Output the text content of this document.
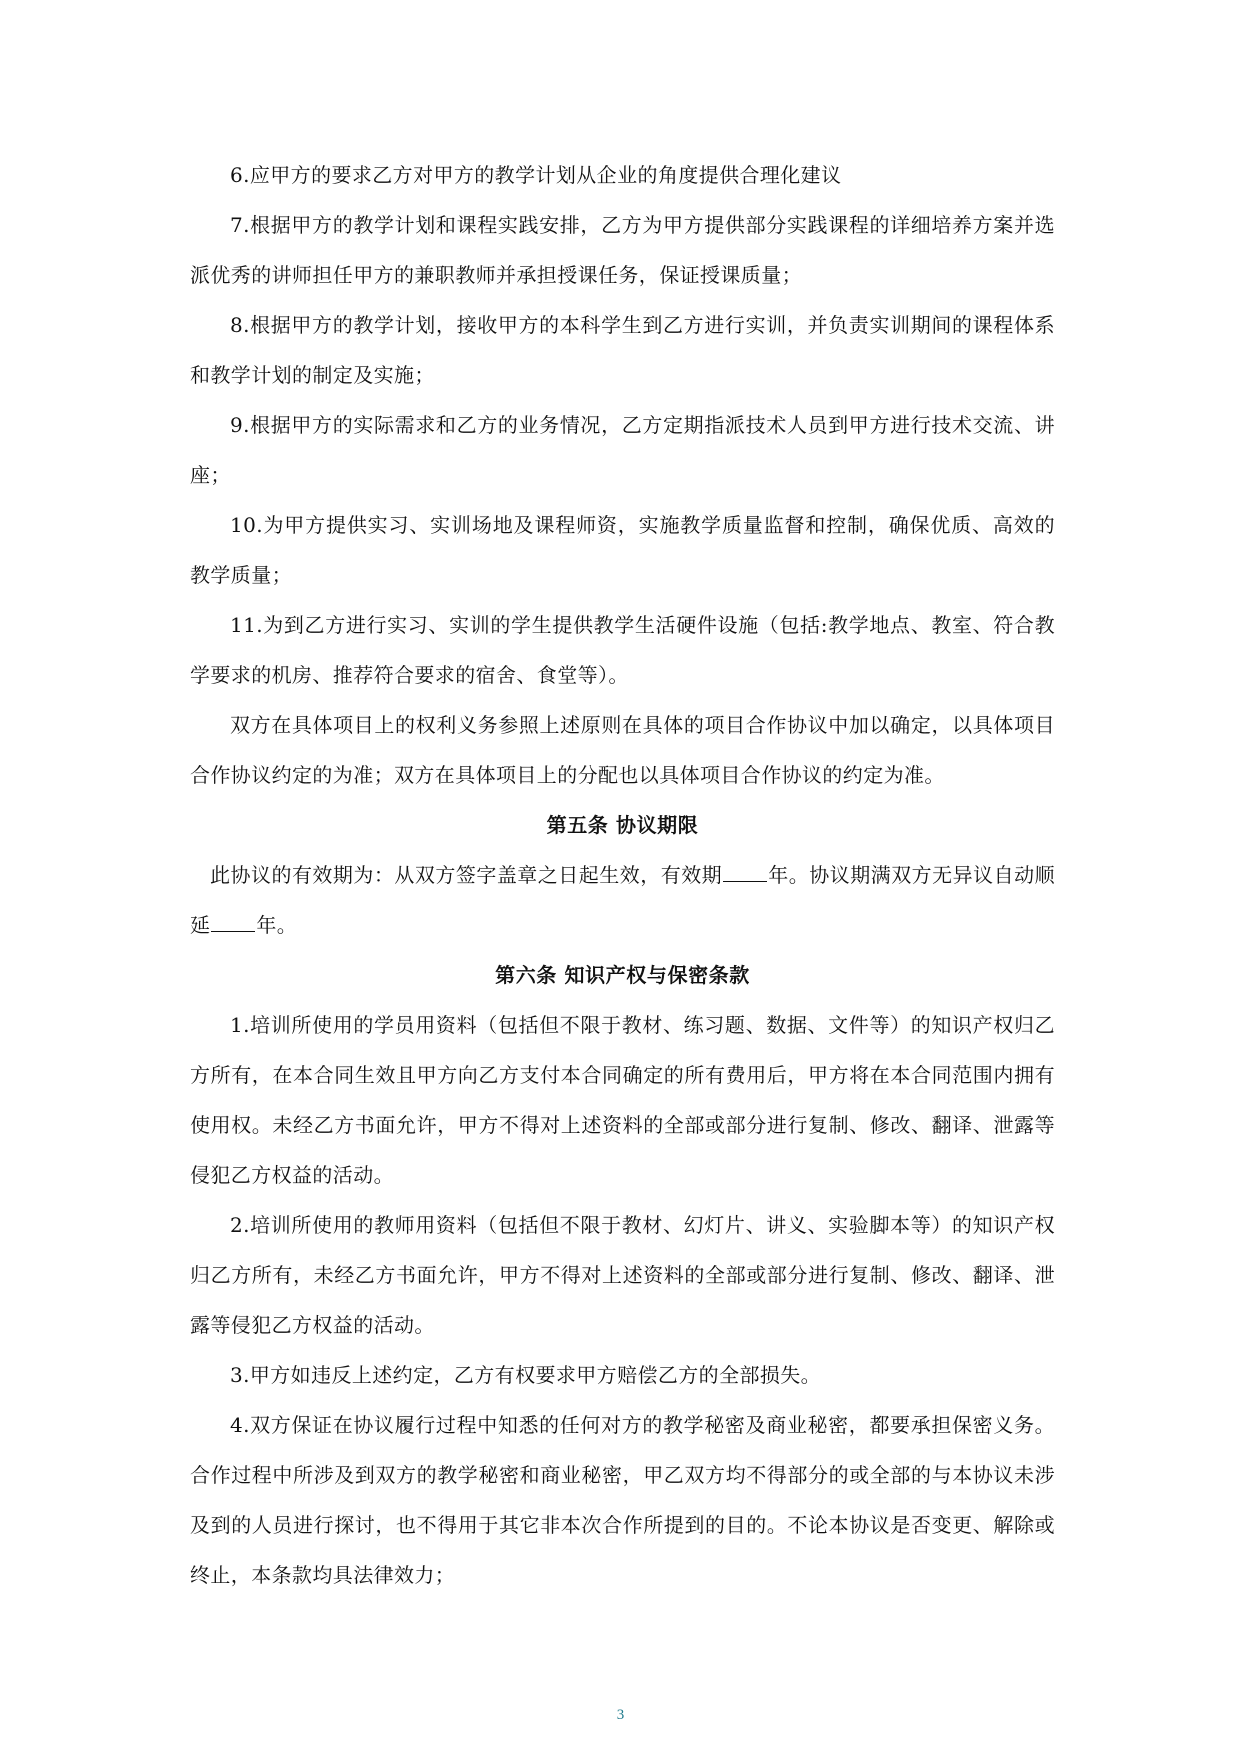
6.应甲方的要求乙方对甲方的教学计划从企业的角度提供合理化建议

7.根据甲方的教学计划和课程实践安排，乙方为甲方提供部分实践课程的详细培养方案并选派优秀的讲师担任甲方的兼职教师并承担授课任务，保证授课质量；

8.根据甲方的教学计划，接收甲方的本科学生到乙方进行实训，并负责实训期间的课程体系和教学计划的制定及实施；

9.根据甲方的实际需求和乙方的业务情况，乙方定期指派技术人员到甲方进行技术交流、讲座；

10.为甲方提供实习、实训场地及课程师资，实施教学质量监督和控制，确保优质、高效的教学质量；

11.为到乙方进行实习、实训的学生提供教学生活硬件设施（包括:教学地点、教室、符合教学要求的机房、推荐符合要求的宿舍、食堂等）。

双方在具体项目上的权利义务参照上述原则在具体的项目合作协议中加以确定，以具体项目合作协议约定的为准；双方在具体项目上的分配也以具体项目合作协议的约定为准。

第五条 协议期限

此协议的有效期为：从双方签字盖章之日起生效，有效期 年。协议期满双方无异议自动顺延 年。

第六条 知识产权与保密条款

1.培训所使用的学员用资料（包括但不限于教材、练习题、数据、文件等）的知识产权归乙方所有，在本合同生效且甲方向乙方支付本合同确定的所有费用后，甲方将在本合同范围内拥有使用权。未经乙方书面允许，甲方不得对上述资料的全部或部分进行复制、修改、翻译、泄露等侵犯乙方权益的活动。

2.培训所使用的教师用资料（包括但不限于教材、幻灯片、讲义、实验脚本等）的知识产权归乙方所有，未经乙方书面允许，甲方不得对上述资料的全部或部分进行复制、修改、翻译、泄露等侵犯乙方权益的活动。

3.甲方如违反上述约定，乙方有权要求甲方赔偿乙方的全部损失。

4.双方保证在协议履行过程中知悉的任何对方的教学秘密及商业秘密，都要承担保密义务。合作过程中所涉及到双方的教学秘密和商业秘密，甲乙双方均不得部分的或全部的与本协议未涉及到的人员进行探讨，也不得用于其它非本次合作所提到的目的。不论本协议是否变更、解除或终止，本条款均具法律效力；

3
